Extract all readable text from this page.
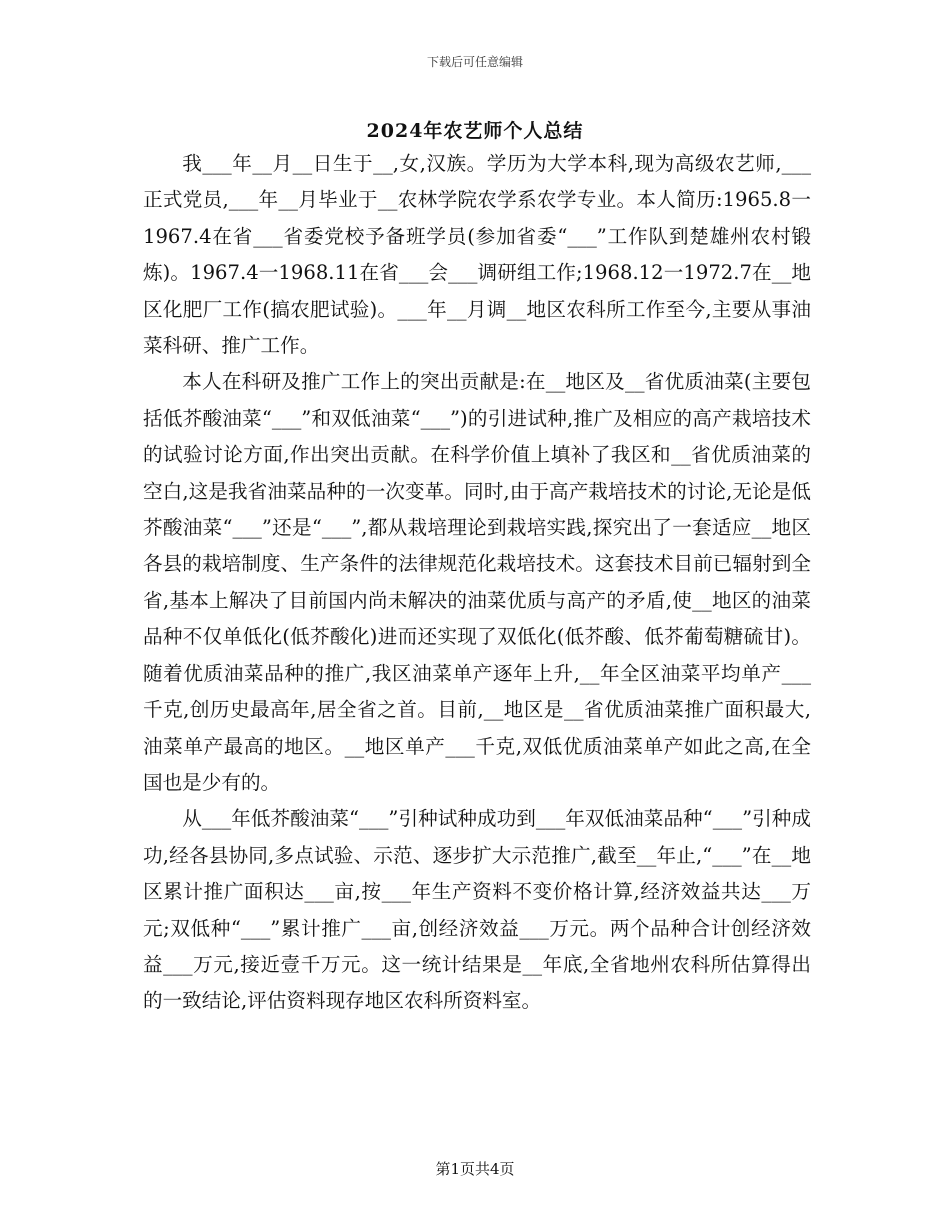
下载后可任意编辑
2024年农艺师个人总结

我___年__月__日生于__,女,汉族。学历为大学本科,现为高级农艺师,___正式党员,___年__月毕业于__农林学院农学系农学专业。本人简历:1965.8一1967.4在省___省委党校予备班学员(参加省委“___”工作队到楚雄州农村锻炼)。1967.4一1968.11在省___会___调研组工作;1968.12一1972.7在__地区化肥厂工作(搞农肥试验)。___年__月调__地区农科所工作至今,主要从事油菜科研、推广工作。

本人在科研及推广工作上的突出贡献是:在__地区及__省优质油菜(主要包括低芥酸油菜“___”和双低油菜“___”)的引进试种,推广及相应的高产栽培技术的试验讨论方面,作出突出贡献。在科学价值上填补了我区和__省优质油菜的空白,这是我省油菜品种的一次变革。同时,由于高产栽培技术的讨论,无论是低芥酸油菜“___”还是“___”,都从栽培理论到栽培实践,探究出了一套适应__地区各县的栽培制度、生产条件的法律规范化栽培技术。这套技术目前已辐射到全省,基本上解决了目前国内尚未解决的油菜优质与高产的矛盾,使__地区的油菜品种不仅单低化(低芥酸化)进而还实现了双低化(低芥酸、低芥葡萄糖硫甘)。随着优质油菜品种的推广,我区油菜单产逐年上升,__年全区油菜平均单产___千克,创历史最高年,居全省之首。目前,__地区是__省优质油菜推广面积最大,油菜单产最高的地区。__地区单产___千克,双低优质油菜单产如此之高,在全国也是少有的。

从___年低芥酸油菜“___”引种试种成功到___年双低油菜品种“___”引种成功,经各县协同,多点试验、示范、逐步扩大示范推广,截至__年止,“___”在__地区累计推广面积达___亩,按___年生产资料不变价格计算,经济效益共达___万元;双低种“___”累计推广___亩,创经济效益___万元。两个品种合计创经济效益___万元,接近壹千万元。这一统计结果是__年底,全省地州农科所估算得出的一致结论,评估资料现存地区农科所资料室。

第1页共4页
